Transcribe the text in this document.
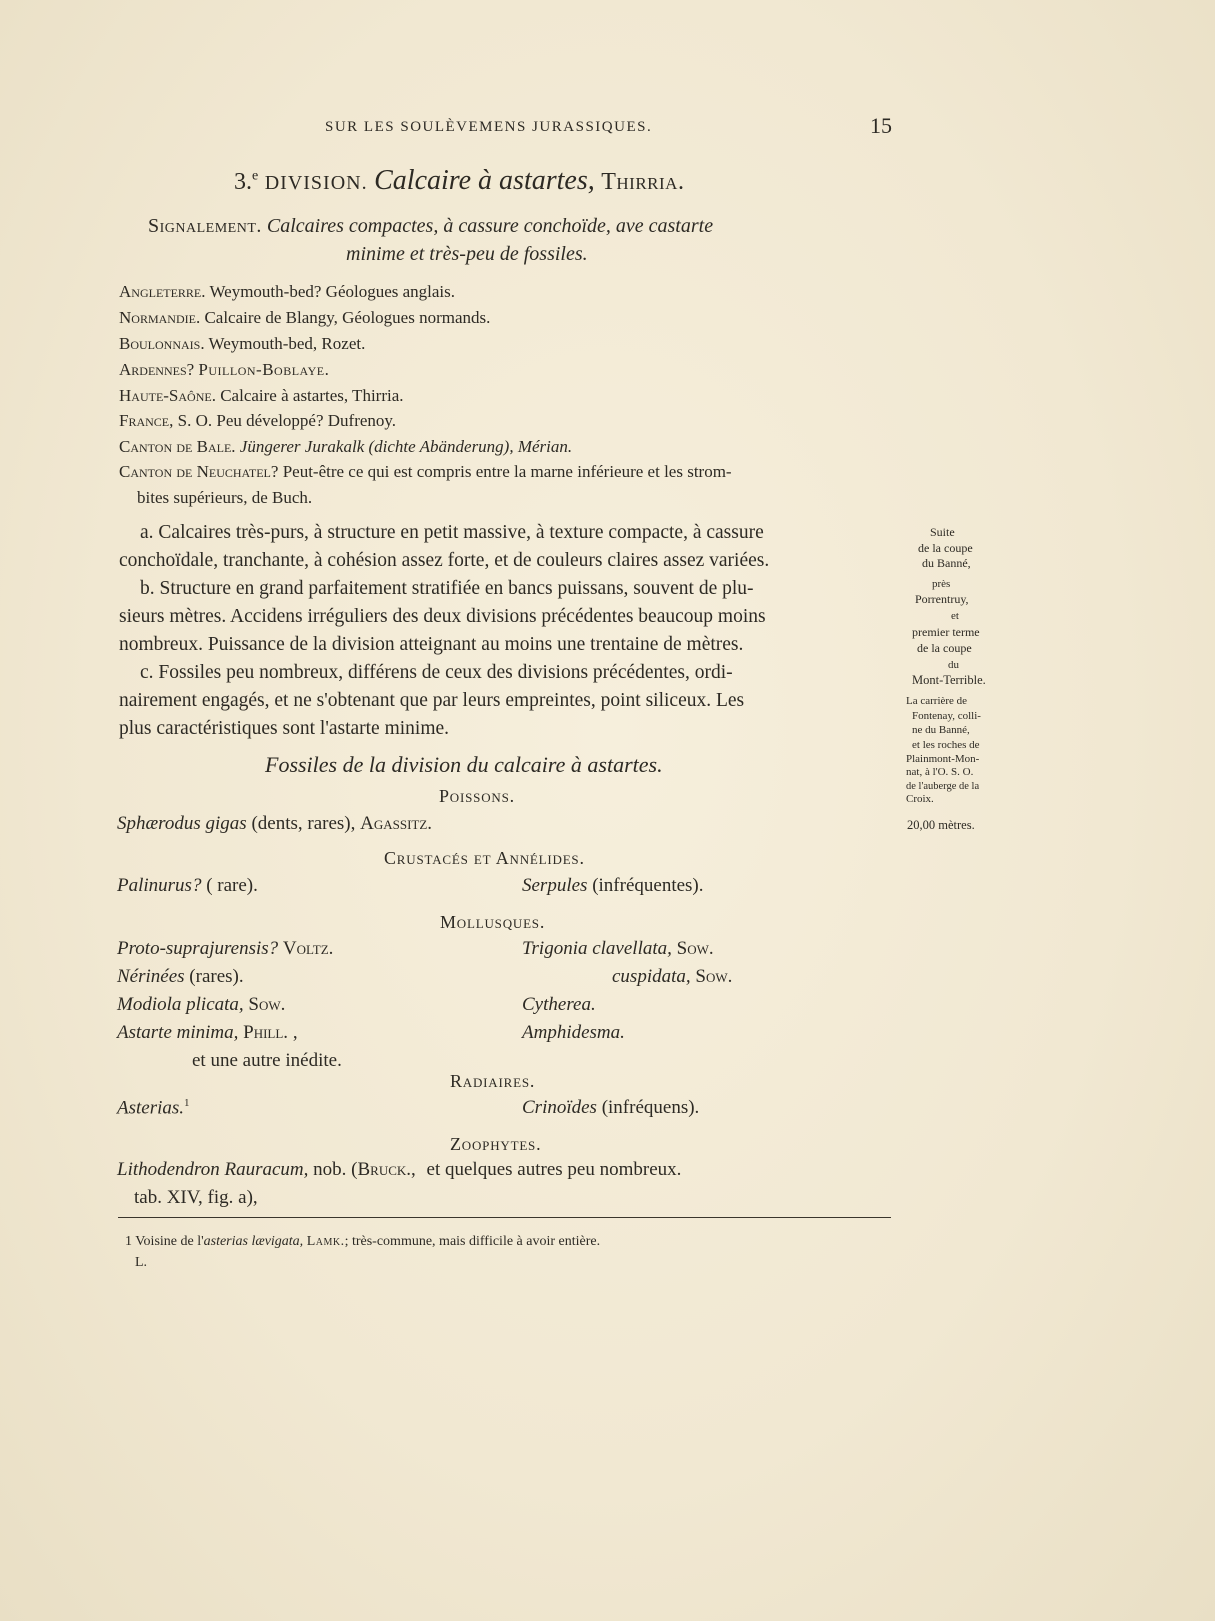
SUR LES SOULÈVEMENS JURASSIQUES.	15
3.$^e$ DIVISION. Calcaire à astartes, Thirria.
Signalement. Calcaires compactes, à cassure conchoïde, ave castarte
minime et très-peu de fossiles.
Angleterre. Weymouth-bed? Géologues anglais.
Normandie. Calcaire de Blangy, Géologues normands.
Boulonnais. Weymouth-bed, Rozet.
Ardennes? Puillon-Boblaye.
Haute-Saône. Calcaire à astartes, Thirria.
France, S. O. Peu développé? Dufrenoy.
Canton de Bale. Jüngerer Jurakalk (dichte Abänderung), Mérian.
Canton de Neuchatel? Peut-être ce qui est compris entre la marne inférieure et les strom-
bites supérieurs, de Buch.
a. Calcaires très-purs, à structure en petit massive, à texture compacte, à cassure
conchoïdale, tranchante, à cohésion assez forte, et de couleurs claires assez variées.
b. Structure en grand parfaitement stratifiée en bancs puissans, souvent de plu-
sieurs mètres. Accidens irréguliers des deux divisions précédentes beaucoup moins
nombreux. Puissance de la division atteignant au moins une trentaine de mètres.
c. Fossiles peu nombreux, différens de ceux des divisions précédentes, ordi-
nairement engagés, et ne s'obtenant que par leurs empreintes, point siliceux. Les
plus caractéristiques sont l'astarte minime.
Suite
de la coupe
du Banné,
près
Porrentruy,
et
premier terme
de la coupe
du
Mont-Terrible.
La carrière de
Fontenay, colli-
ne du Banné,
et les roches de
Plainmont-Mon-
nat, à l'O. S. O.
de l'auberge de la
Croix.
20,00 mètres.
Fossiles de la division du calcaire à astartes.
Poissons.
Sphærodus gigas (dents, rares), Agassitz.
Crustacés et Annélides.
Palinurus? ( rare).	Serpules (infréquentes).
Mollusques.
Proto-suprajurensis? Voltz.	Trigonia clavellata, Sow.
Nérinées (rares).	cuspidata, Sow.
Modiola plicata, Sow.	Cytherea.
Astarte minima, Phill. ,	Amphidesma.
et une autre inédite.
Radiaires.
Asterias.$^1$	Crinoïdes (infréquens).
Zoophytes.
Lithodendron Rauracum, nob. (Bruck., et quelques autres peu nombreux.
tab. XIV, fig. a),
1 Voisine de l'asterias lævigata, Lamk.; très-commune, mais difficile à avoir entière.
L.
